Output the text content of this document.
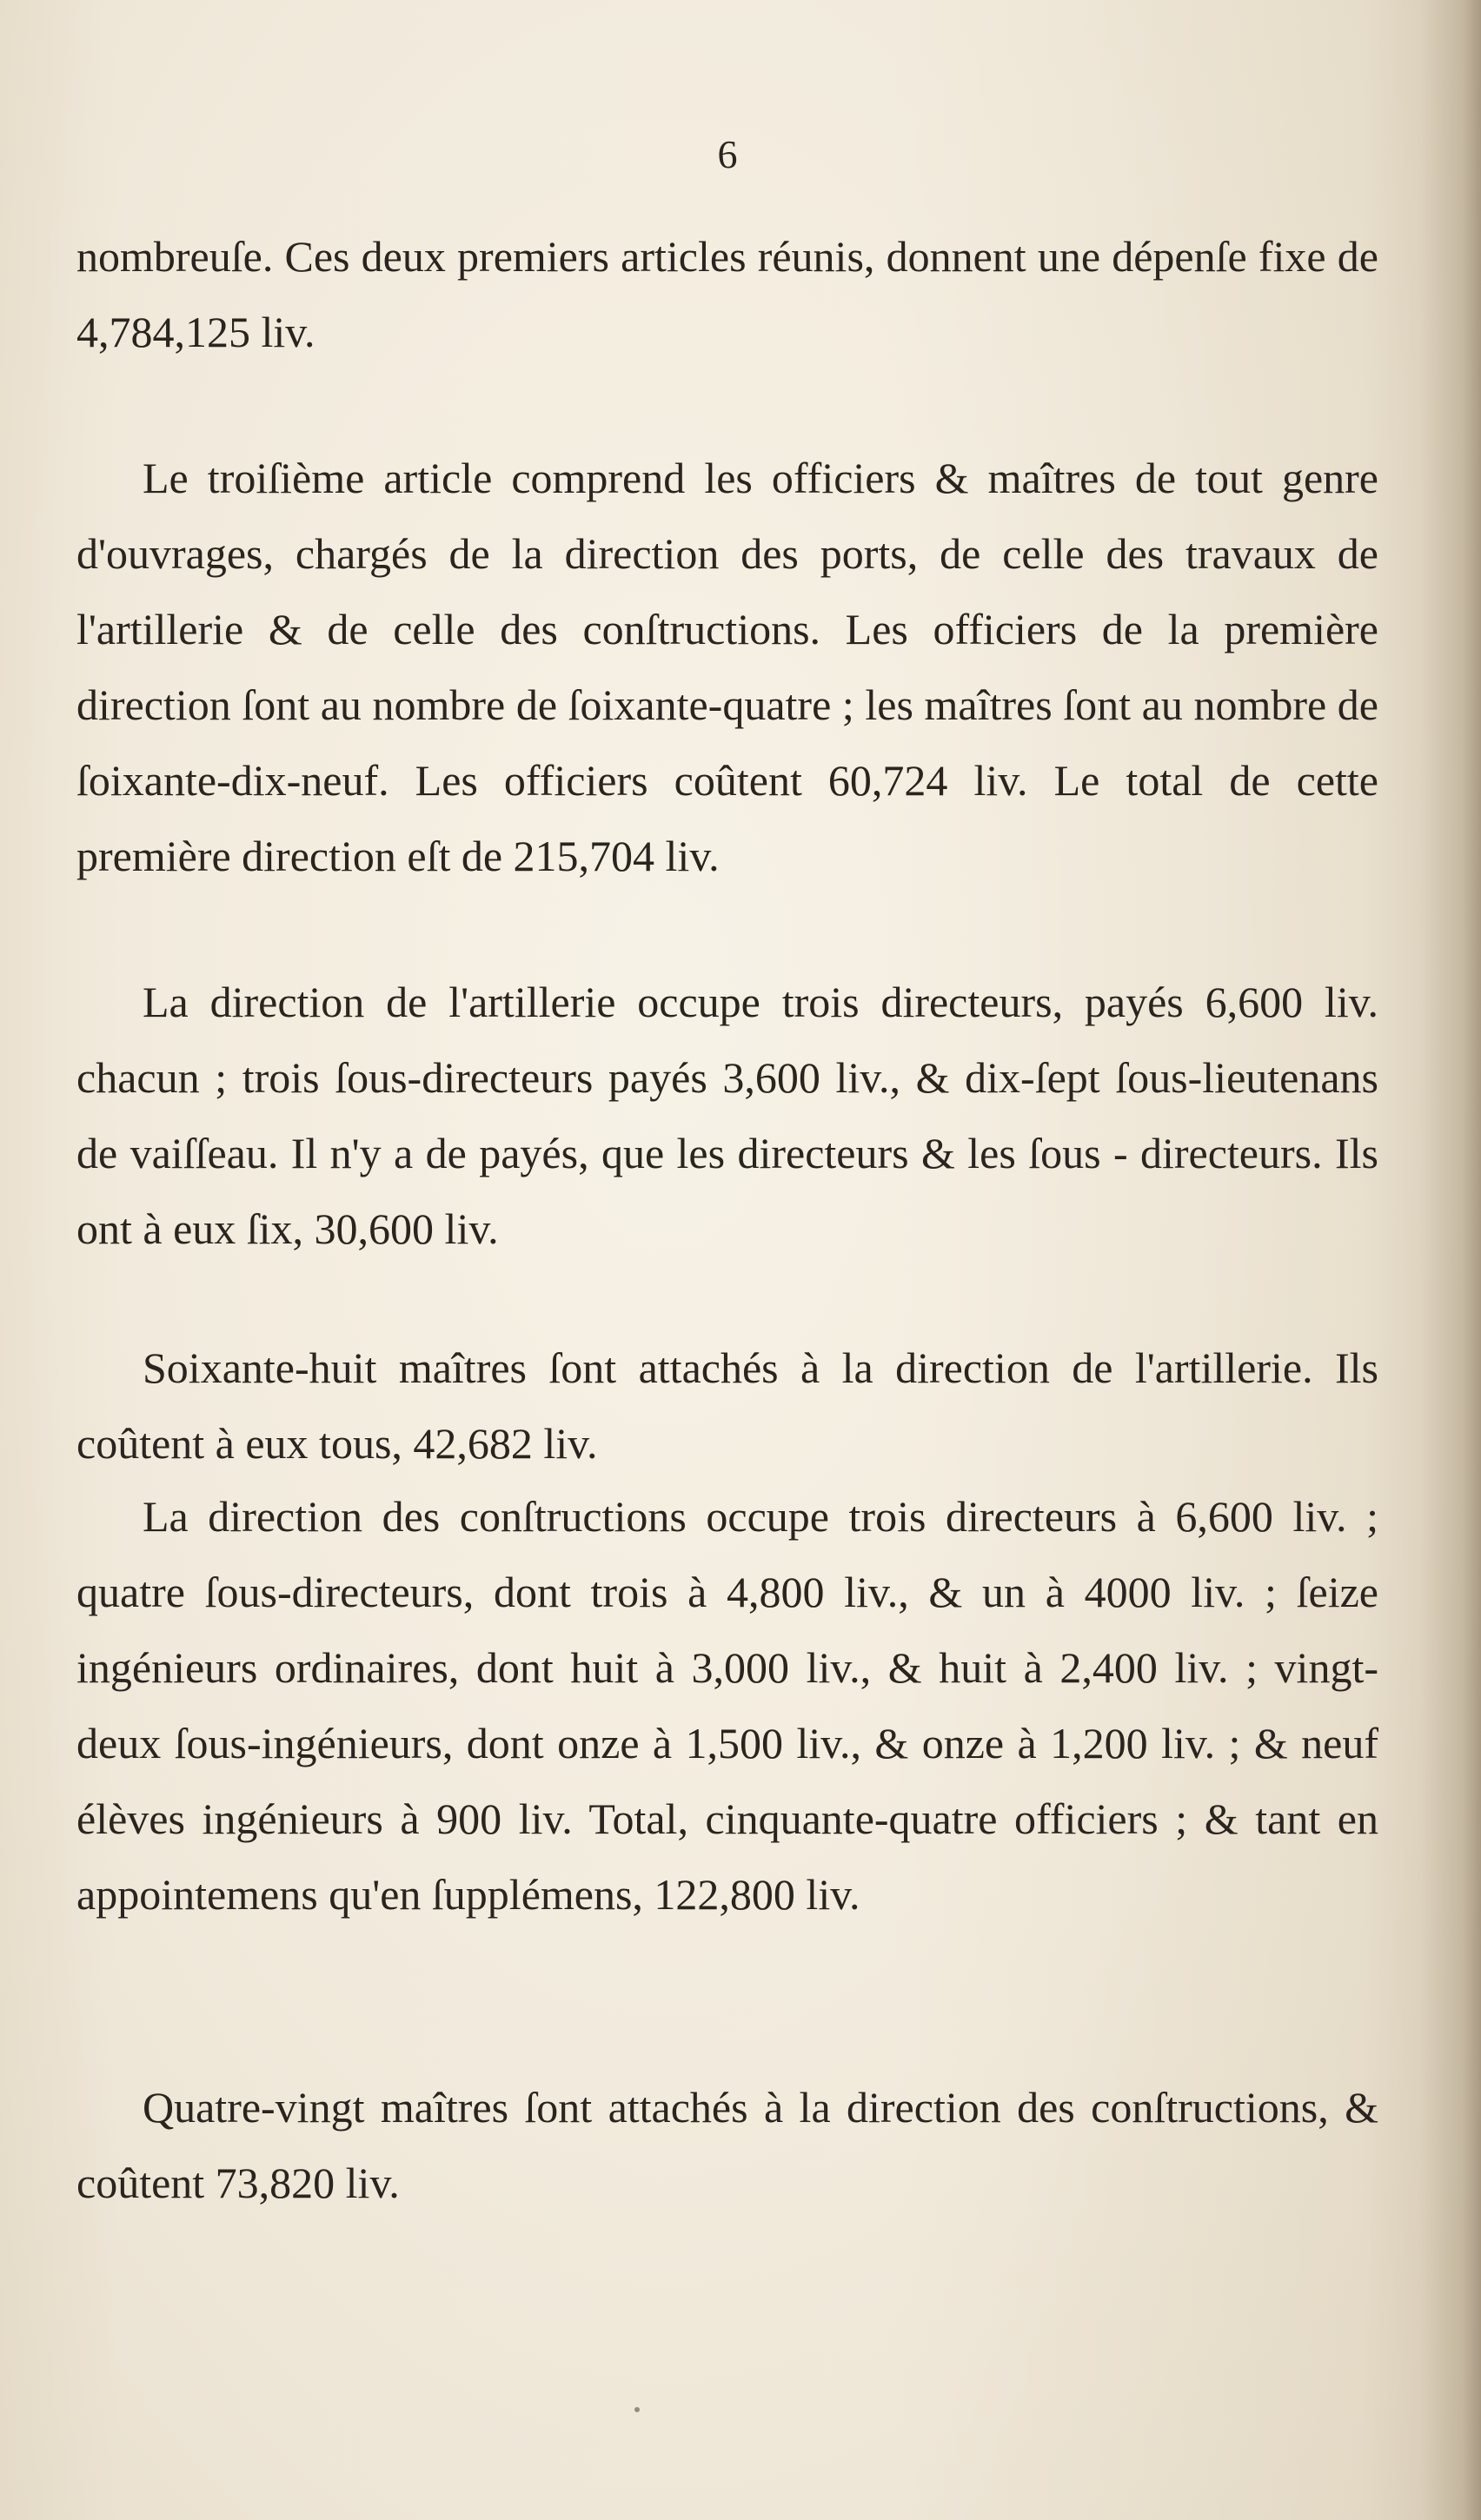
6

nombreuſe. Ces deux premiers articles réunis, donnent une dépenſe fixe de 4,784,125 liv.

Le troiſième article comprend les officiers & maîtres de tout genre d'ouvrages, chargés de la direction des ports, de celle des travaux de l'artillerie & de celle des conſtructions. Les officiers de la première direction ſont au nombre de ſoixante-quatre ; les maîtres ſont au nombre de ſoixante-dix-neuf. Les officiers coûtent 60,724 liv. Le total de cette première direction eſt de 215,704 liv.

La direction de l'artillerie occupe trois directeurs, payés 6,600 liv. chacun ; trois ſous-directeurs payés 3,600 liv., & dix-ſept ſous-lieutenans de vaiſſeau. Il n'y a de payés, que les directeurs & les ſous - directeurs. Ils ont à eux ſix, 30,600 liv.

Soixante-huit maîtres ſont attachés à la direction de l'artillerie. Ils coûtent à eux tous, 42,682 liv.

La direction des conſtructions occupe trois directeurs à 6,600 liv. ; quatre ſous-directeurs, dont trois à 4,800 liv., & un à 4000 liv. ; ſeize ingénieurs ordinaires, dont huit à 3,000 liv., & huit à 2,400 liv. ; vingt-deux ſous-ingénieurs, dont onze à 1,500 liv., & onze à 1,200 liv. ; & neuf élèves ingénieurs à 900 liv. Total, cinquante-quatre officiers ; & tant en appointemens qu'en ſupplémens, 122,800 liv.

Quatre-vingt maîtres ſont attachés à la direction des conſtructions, & coûtent 73,820 liv.
